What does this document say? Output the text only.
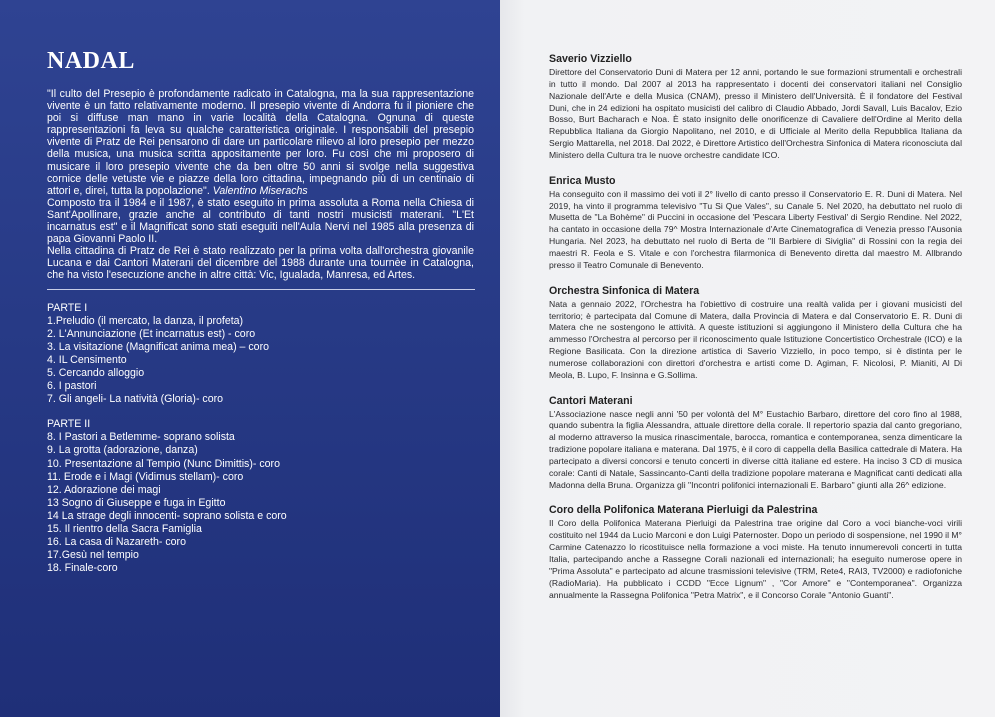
NADAL

"Il culto del Presepio è profondamente radicato in Catalogna, ma la sua rappresentazione vivente è un fatto relativamente moderno. Il presepio vivente di Andorra fu il pioniere che poi si diffuse man mano in varie località della Catalogna. Ognuna di queste rappresentazioni fa leva su qualche caratteristica originale. I responsabili del presepio vivente di Pratz de Rei pensarono di dare un particolare rilievo al loro presepio per mezzo della musica, una musica scritta appositamente per loro. Fu così che mi proposero di musicare il loro presepio vivente che da ben oltre 50 anni si svolge nella suggestiva cornice delle vetuste vie e piazze della loro cittadina, impegnando più di un centinaio di attori e, direi, tutta la popolazione". Valentino Miserachs

Composto tra il 1984 e il 1987, è stato eseguito in prima assoluta a Roma nella Chiesa di Sant'Apollinare, grazie anche al contributo di tanti nostri musicisti materani. "L'Et incarnatus est" e il Magnificat sono stati eseguiti nell'Aula Nervi nel 1985 alla presenza di papa Giovanni Paolo II.

Nella cittadina di Pratz de Rei è stato realizzato per la prima volta dall'orchestra giovanile Lucana e dai Cantori Materani del dicembre del 1988 durante una tournèe in Catalogna, che ha visto l'esecuzione anche in altre città: Vic, Igualada, Manresa, ed Artes.

PARTE I
1.Preludio (il mercato, la danza, il profeta)
2. L'Annunciazione (Et incarnatus est) - coro
3. La visitazione (Magnificat anima mea) – coro
4. IL Censimento
5. Cercando alloggio
6. I pastori
7. Gli angeli- La natività (Gloria)- coro
PARTE II
8. I Pastori a Betlemme- soprano solista
9. La grotta (adorazione, danza)
10. Presentazione al Tempio (Nunc Dimittis)- coro
11. Erode e i Magi (Vidimus stellam)- coro
12. Adorazione dei magi
13 Sogno di Giuseppe e fuga in Egitto
14 La strage degli innocenti- soprano solista e coro
15. Il rientro della Sacra Famiglia
16. La casa di Nazareth- coro
17.Gesù nel tempio
18. Finale-coro
Saverio Vizziello

Direttore del Conservatorio Duni di Matera per 12 anni, portando le sue formazioni strumentali e orchestrali in tutto il mondo. Dal 2007 al 2013 ha rappresentato i docenti dei conservatori italiani nel Consiglio Nazionale dell'Arte e della Musica (CNAM), presso il Ministero dell'Università. È il fondatore del Festival Duni, che in 24 edizioni ha ospitato musicisti del calibro di Claudio Abbado, Jordi Savall, Luis Bacalov, Ezio Bosso, Burt Bacharach e Noa. È stato insignito delle onorificenze di Cavaliere dell'Ordine al Merito della Repubblica Italiana da Giorgio Napolitano, nel 2010, e di Ufficiale al Merito della Repubblica Italiana da Sergio Mattarella, nel 2018. Dal 2022, è Direttore Artistico dell'Orchestra Sinfonica di Matera riconosciuta dal Ministero della Cultura tra le nuove orchestre candidate ICO.

Enrica Musto

Ha conseguito con il massimo dei voti il 2° livello di canto presso il Conservatorio E. R. Duni di Matera. Nel 2019, ha vinto il programma televisivo "Tu Si Que Vales", su Canale 5. Nel 2020, ha debuttato nel ruolo di Musetta de "La Bohème" di Puccini in occasione del 'Pescara Liberty Festival' di Sergio Rendine. Nel 2022, ha cantato in occasione della 79^ Mostra Internazionale d'Arte Cinematografica di Venezia presso l'Ausonia Hungaria. Nel 2023, ha debuttato nel ruolo di Berta de "Il Barbiere di Siviglia" di Rossini con la regia dei maestri R. Feola e S. Vitale e con l'orchestra filarmonica di Benevento diretta dal maestro M. Allbrando presso il Teatro Comunale di Benevento.

Orchestra Sinfonica di Matera

Nata a gennaio 2022, l'Orchestra ha l'obiettivo di costruire una realtà valida per i giovani musicisti del territorio; è partecipata dal Comune di Matera, dalla Provincia di Matera e dal Conservatorio E. R. Duni di Matera che ne sostengono le attività. A queste istituzioni si aggiungono il Ministero della Cultura che ha ammesso l'Orchestra al percorso per il riconoscimento quale Istituzione Concertistico Orchestrale (ICO) e la Regione Basilicata. Con la direzione artistica di Saverio Vizziello, in poco tempo, si è distinta per le numerose collaborazioni con direttori d'orchestra e artisti come D. Agiman, F. Nicolosi, P. Mianiti, Al Di Meola, B. Lupo, F. Insinna e G.Sollima.

Cantori Materani

L'Associazione nasce negli anni '50 per volontà del M° Eustachio Barbaro, direttore del coro fino al 1988, quando subentra la figlia Alessandra, attuale direttore della corale. Il repertorio spazia dal canto gregoriano, al moderno attraverso la musica rinascimentale, barocca, romantica e contemporanea, senza dimenticare la tradizione popolare italiana e materana. Dal 1975, è il coro di cappella della Basilica cattedrale di Matera. Ha partecipato a diversi concorsi e tenuto concerti in diverse città italiane ed estere. Ha inciso 3 CD di musica corale: Canti di Natale, Sassincanto-Canti della tradizione popolare materana e Magnificat canti dedicati alla Madonna della Bruna. Organizza gli "Incontri polifonici internazionali E. Barbaro" giunti alla 26^ edizione.

Coro della Polifonica Materana Pierluigi da Palestrina

Il Coro della Polifonica Materana Pierluigi da Palestrina trae origine dal Coro a voci bianche-voci virili costituito nel 1944 da Lucio Marconi e don Luigi Paternoster. Dopo un periodo di sospensione, nel 1990 il M° Carmine Catenazzo lo ricostituisce nella formazione a voci miste. Ha tenuto innumerevoli concerti in tutta Italia, partecipando anche a Rassegne Corali nazionali ed internazionali; ha eseguito numerose opere in "Prima Assoluta" e partecipato ad alcune trasmissioni televisive (TRM, Rete4, RAI3, TV2000) e radiofoniche (RadioMaria). Ha pubblicato i CCDD "Ecce Lignum" , "Cor Amore" e "Contemporanea". Organizza annualmente la Rassegna Polifonica "Petra Matrix", e il Concorso Corale "Antonio Guanti".
